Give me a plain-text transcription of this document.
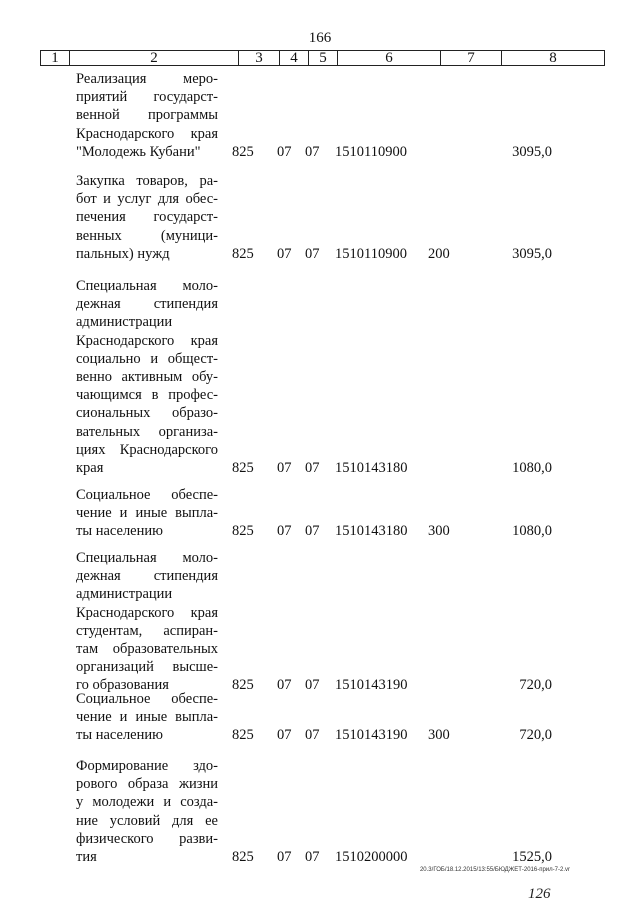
166
1	2	3	4	5	6	7	8
Реализация меро-
приятий государст-
венной программы
Краснодарского края
"Молодежь Кубани"	825 07 07 1510110900	3095,0
Закупка товаров, ра-
бот и услуг для обес-
печения государст-
венных (муници-
пальных) нужд	825 07 07 1510110900 200	3095,0
Специальная моло-
дежная стипендия
администрации
Краснодарского края
социально и общест-
венно активным обу-
чающимся в профес-
сиональных образо-
вательных организа-
циях Краснодарского
края	825 07 07 1510143180	1080,0
Социальное обеспе-
чение и иные выпла-
ты населению	825 07 07 1510143180 300	1080,0
Специальная моло-
дежная стипендия
администрации
Краснодарского края
студентам, аспиран-
там образовательных
организаций высше-
го образования	825 07 07 1510143190	720,0
Социальное обеспе-
чение и иные выпла-
ты населению	825 07 07 1510143190 300	720,0
Формирование здо-
рового образа жизни
у молодежи и созда-
ние условий для ее
физического разви-
тия	825 07 07 1510200000	1525,0
20.3/ГОБ/18.12.2015/13:55/БЮДЖЕТ-2016-прил-7-2.vr
126
